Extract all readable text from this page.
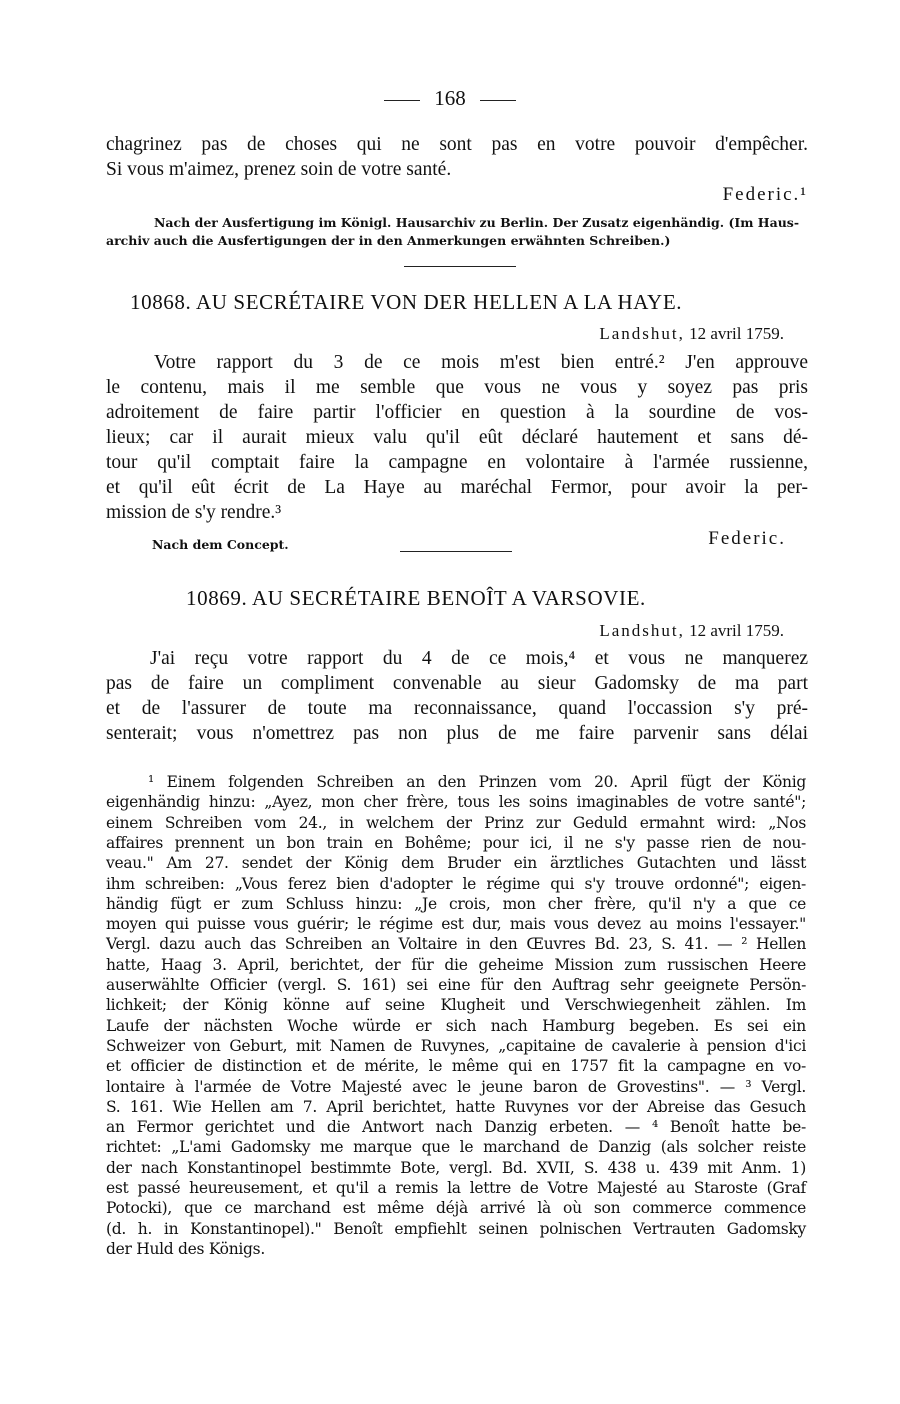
168
chagrinez pas de choses qui ne sont pas en votre pouvoir d'empêcher.
Si vous m'aimez, prenez soin de votre santé.
Federic.¹
Nach der Ausfertigung im Königl. Hausarchiv zu Berlin. Der Zusatz eigenhändig. (Im Haus-
archiv auch die Ausfertigungen der in den Anmerkungen erwähnten Schreiben.)
10868. AU SECRÉTAIRE VON DER HELLEN A LA HAYE.
Landshut, 12 avril 1759.
Votre rapport du 3 de ce mois m'est bien entré.² J'en approuve
le contenu, mais il me semble que vous ne vous y soyez pas pris
adroitement de faire partir l'officier en question à la sourdine de vos-
lieux; car il aurait mieux valu qu'il eût déclaré hautement et sans dé-
tour qu'il comptait faire la campagne en volontaire à l'armée russienne,
et qu'il eût écrit de La Haye au maréchal Fermor, pour avoir la per-
mission de s'y rendre.³
Nach dem Concept.	Federic.
10869. AU SECRÉTAIRE BENOÎT A VARSOVIE.
Landshut, 12 avril 1759.
J'ai reçu votre rapport du 4 de ce mois,⁴ et vous ne manquerez
pas de faire un compliment convenable au sieur Gadomsky de ma part
et de l'assurer de toute ma reconnaissance, quand l'occassion s'y pré-
senterait; vous n'omettrez pas non plus de me faire parvenir sans délai
¹ Einem folgenden Schreiben an den Prinzen vom 20. April fügt der König
eigenhändig hinzu: „Ayez, mon cher frère, tous les soins imaginables de votre santé";
einem Schreiben vom 24., in welchem der Prinz zur Geduld ermahnt wird: „Nos
affaires prennent un bon train en Bohême; pour ici, il ne s'y passe rien de nou-
veau." Am 27. sendet der König dem Bruder ein ärztliches Gutachten und lässt
ihm schreiben: „Vous ferez bien d'adopter le régime qui s'y trouve ordonné"; eigen-
händig fügt er zum Schluss hinzu: „Je crois, mon cher frère, qu'il n'y a que ce
moyen qui puisse vous guérir; le régime est dur, mais vous devez au moins l'essayer."
Vergl. dazu auch das Schreiben an Voltaire in den Œuvres Bd. 23, S. 41. — ² Hellen
hatte, Haag 3. April, berichtet, der für die geheime Mission zum russischen Heere
auserwählte Officier (vergl. S. 161) sei eine für den Auftrag sehr geeignete Persön-
lichkeit; der König könne auf seine Klugheit und Verschwiegenheit zählen. Im
Laufe der nächsten Woche würde er sich nach Hamburg begeben. Es sei ein
Schweizer von Geburt, mit Namen de Ruvynes, „capitaine de cavalerie à pension d'ici
et officier de distinction et de mérite, le même qui en 1757 fit la campagne en vo-
lontaire à l'armée de Votre Majesté avec le jeune baron de Grovestins". — ³ Vergl.
S. 161. Wie Hellen am 7. April berichtet, hatte Ruvynes vor der Abreise das Gesuch
an Fermor gerichtet und die Antwort nach Danzig erbeten. — ⁴ Benoît hatte be-
richtet: „L'ami Gadomsky me marque que le marchand de Danzig (als solcher reiste
der nach Konstantinopel bestimmte Bote, vergl. Bd. XVII, S. 438 u. 439 mit Anm. 1)
est passé heureusement, et qu'il a remis la lettre de Votre Majesté au Staroste (Graf
Potocki), que ce marchand est même déjà arrivé là où son commerce commence
(d. h. in Konstantinopel)." Benoît empfiehlt seinen polnischen Vertrauten Gadomsky
der Huld des Königs.
